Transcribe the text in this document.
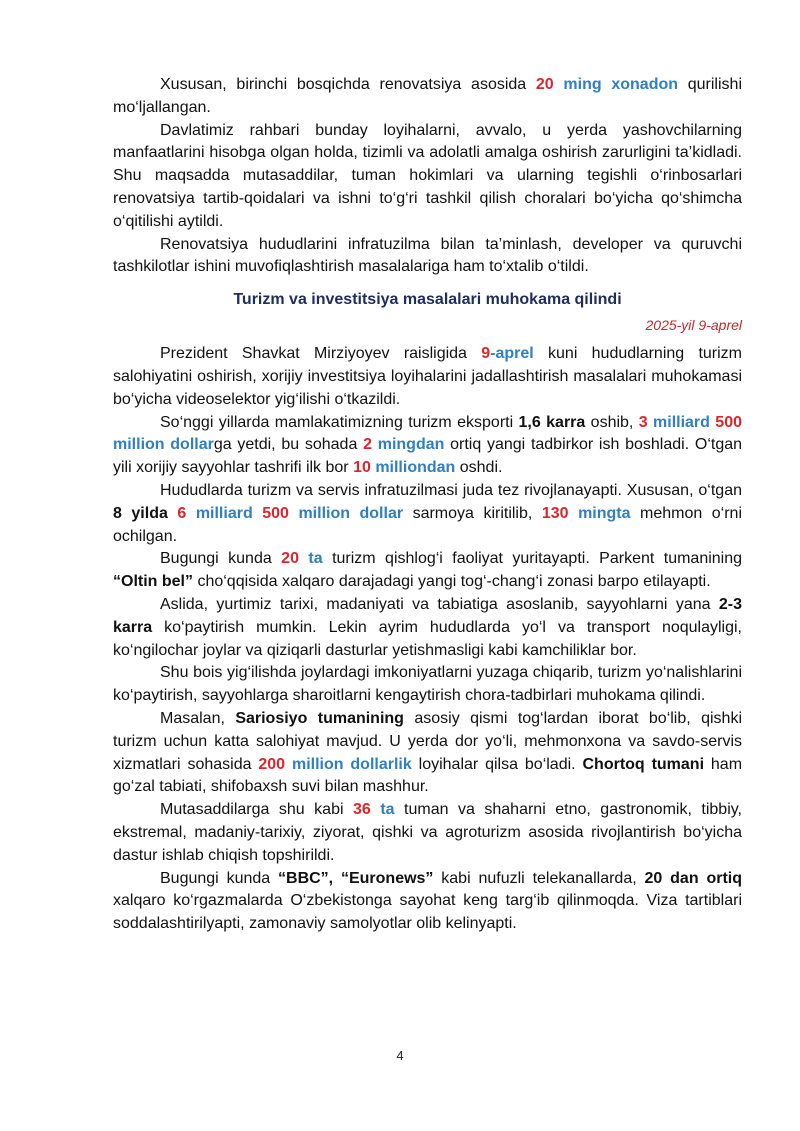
Xususan, birinchi bosqichda renovatsiya asosida 20 ming xonadon qurilishi mo‘ljallangan.

Davlatimiz rahbari bunday loyihalarni, avvalo, u yerda yashovchilarning manfaatlarini hisobga olgan holda, tizimli va adolatli amalga oshirish zarurligini ta’kidladi. Shu maqsadda mutasaddilar, tuman hokimlari va ularning tegishli o‘rinbosarlari renovatsiya tartib-qoidalari va ishni to‘g‘ri tashkil qilish choralari bo‘yicha qo‘shimcha o‘qitilishi aytildi.

Renovatsiya hududlarini infratuzilma bilan ta’minlash, developer va quruvchi tashkilotlar ishini muvofiqlashtirish masalalariga ham to‘xtalib o‘tildi.

Turizm va investitsiya masalalari muhokama qilindi
2025-yil 9-aprel

Prezident Shavkat Mirziyoyev raisligida 9-aprel kuni hududlarning turizm salohiyatini oshirish, xorijiy investitsiya loyihalarini jadallashtirish masalalari muhokamasi bo‘yicha videoselektor yig‘ilishi o‘tkazildi.

So‘nggi yillarda mamlakatimizning turizm eksporti 1,6 karra oshib, 3 milliard 500 million dollarga yetdi, bu sohada 2 mingdan ortiq yangi tadbirkor ish boshladi. O‘tgan yili xorijiy sayyohlar tashrifi ilk bor 10 milliondan oshdi.

Hududlarda turizm va servis infratuzilmasi juda tez rivojlanayapti. Xususan, o‘tgan 8 yilda 6 milliard 500 million dollar sarmoya kiritilib, 130 mingta mehmon o‘rni ochilgan.

Bugungi kunda 20 ta turizm qishlog‘i faoliyat yuritayapti. Parkent tumanining “Oltin bel” cho‘qqisida xalqaro darajadagi yangi tog‘-chang‘i zonasi barpo etilayapti.

Aslida, yurtimiz tarixi, madaniyati va tabiatiga asoslanib, sayyohlarni yana 2-3 karra ko‘paytirish mumkin. Lekin ayrim hududlarda yo‘l va transport noqulayligi, ko‘ngilochar joylar va qiziqarli dasturlar yetishmasligi kabi kamchiliklar bor.

Shu bois yig‘ilishda joylardagi imkoniyatlarni yuzaga chiqarib, turizm yo‘nalishlarini ko‘paytirish, sayyohlarga sharoitlarni kengaytirish chora-tadbirlari muhokama qilindi.

Masalan, Sariosiyo tumanining asosiy qismi tog‘lardan iborat bo‘lib, qishki turizm uchun katta salohiyat mavjud. U yerda dor yo‘li, mehmonxona va savdo-servis xizmatlari sohasida 200 million dollarlik loyihalar qilsa bo‘ladi. Chortoq tumani ham go‘zal tabiati, shifobaxsh suvi bilan mashhur.

Mutasaddilarga shu kabi 36 ta tuman va shaharni etno, gastronomik, tibbiy, ekstremal, madaniy-tarixiy, ziyorat, qishki va agroturizm asosida rivojlantirish bo‘yicha dastur ishlab chiqish topshirildi.

Bugungi kunda “BBC”, “Euronews” kabi nufuzli telekanallarda, 20 dan ortiq xalqaro ko‘rgazmalarda O‘zbekistonga sayohat keng targ‘ib qilinmoqda. Viza tartiblari soddalashtirilyapti, zamonaviy samolyotlar olib kelinyapti.

4
